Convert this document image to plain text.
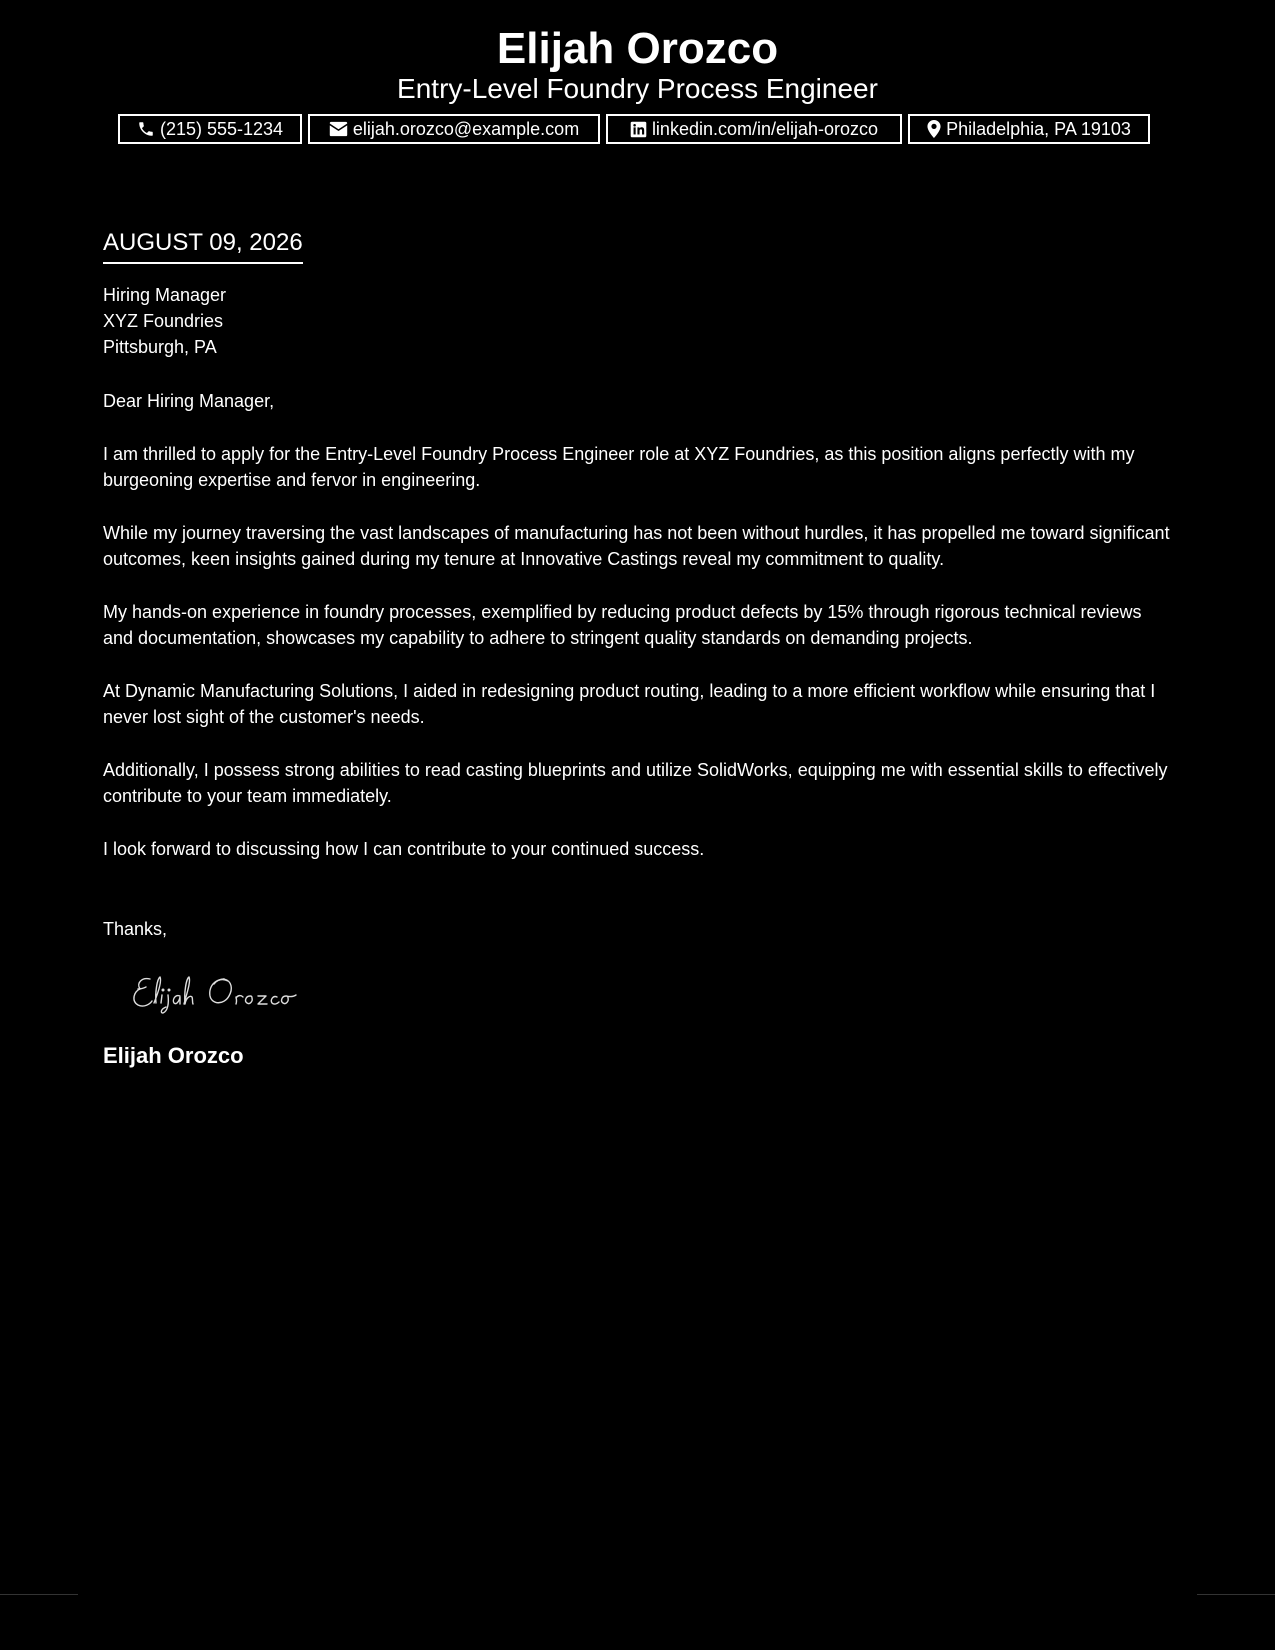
Elijah Orozco
Entry-Level Foundry Process Engineer
(215) 555-1234	elijah.orozco@example.com	linkedin.com/in/elijah-orozco	Philadelphia, PA 19103
AUGUST 09, 2026
Hiring Manager
XYZ Foundries
Pittsburgh, PA
Dear Hiring Manager,
I am thrilled to apply for the Entry-Level Foundry Process Engineer role at XYZ Foundries, as this position aligns perfectly with my burgeoning expertise and fervor in engineering.
While my journey traversing the vast landscapes of manufacturing has not been without hurdles, it has propelled me toward significant outcomes, keen insights gained during my tenure at Innovative Castings reveal my commitment to quality.
My hands-on experience in foundry processes, exemplified by reducing product defects by 15% through rigorous technical reviews and documentation, showcases my capability to adhere to stringent quality standards on demanding projects.
At Dynamic Manufacturing Solutions, I aided in redesigning product routing, leading to a more efficient workflow while ensuring that I never lost sight of the customer's needs.
Additionally, I possess strong abilities to read casting blueprints and utilize SolidWorks, equipping me with essential skills to effectively contribute to your team immediately.
I look forward to discussing how I can contribute to your continued success.
Thanks,
Elijah Orozco
